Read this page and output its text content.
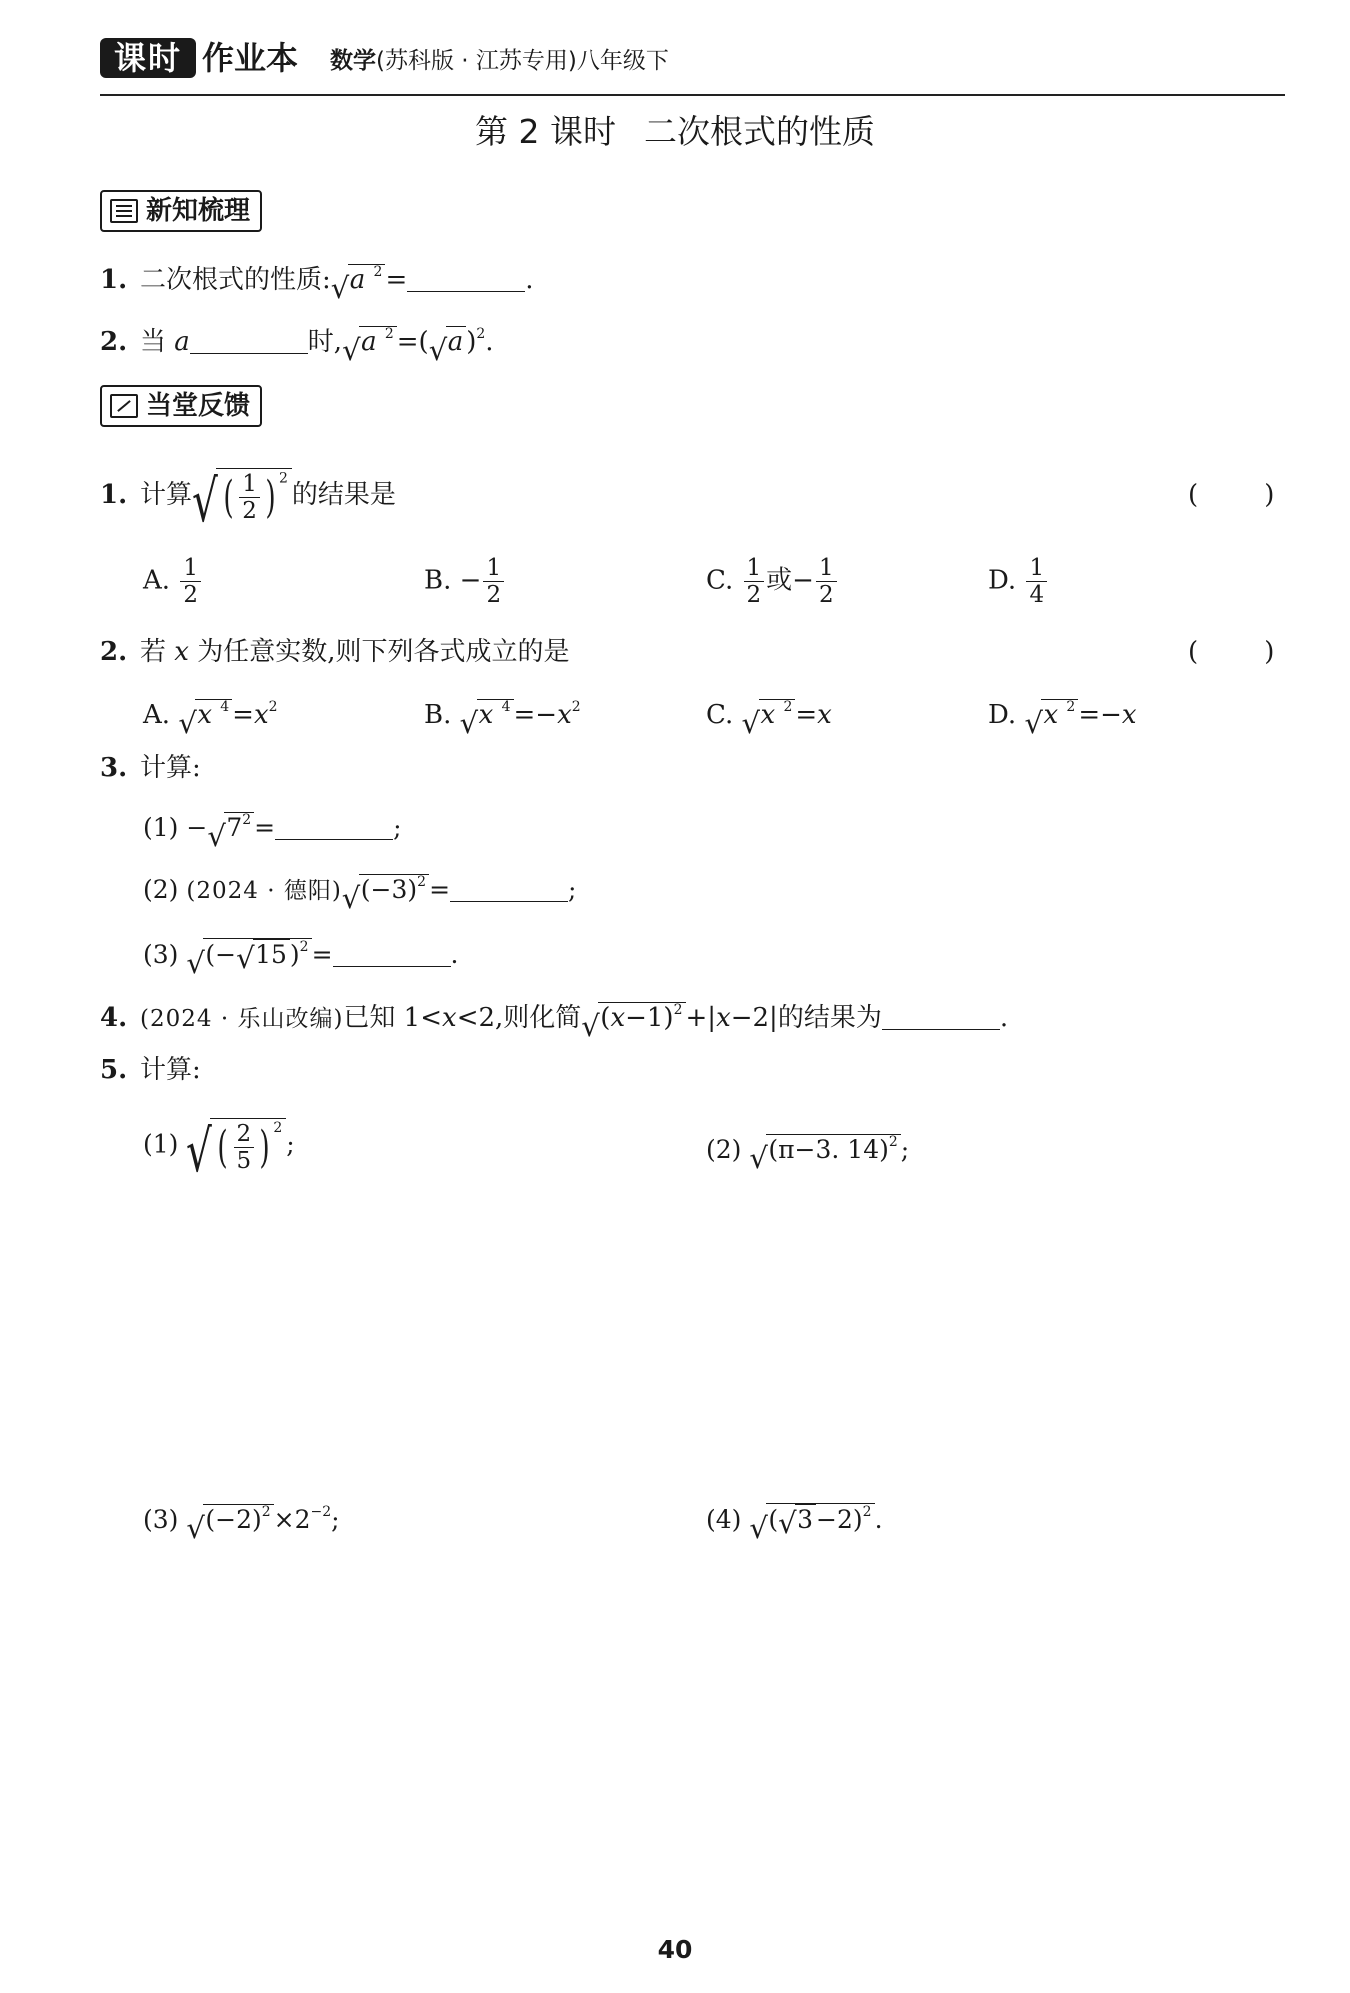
课时 作业本 数学(苏科版 · 江苏专用)八年级下
第 2 课时 二次根式的性质
新知梳理
1. 二次根式的性质: √ a $^2$ =	.
2. 当 a	时, √ a $^2$ =( √ a )$^2$.
当堂反馈
1. 计算 √ ( $\frac{1}{2}$ ) $^2$的结果是	(        )
A. $\frac{1}{2}$	B. − $\frac{1}{2}$	C. $\frac{1}{2}$ 或− $\frac{1}{2}$	D. $\frac{1}{4}$
2. 若 x 为任意实数,则下列各式成立的是	(        )
A. √ x $^4 =x^2$	B. √ x $^4 =-x^2$	C. √ x $^2$ =x	D. √ x $^2$ =−x
3. 计算:
(1) − √ $7^2$ =	;
(2) (2024 · 德阳) √ $(-3)^2$ =	;
(3) √ (− √ 15 )$^2$ =	.
4. (2024 · 乐山改编)已知 1<x<2,则化简 √ $(x-1)^2 +|x-2|$的结果为	.
5. 计算:
(1) √ ( $\frac{2}{5}$ ) $^2$;	(2) √ (π−3. 14)$^2$ ;
(3) √ $(-2)^2 \times 2^{-2}$;	(4) √ ( √ 3 −2)$^2$ .
40
